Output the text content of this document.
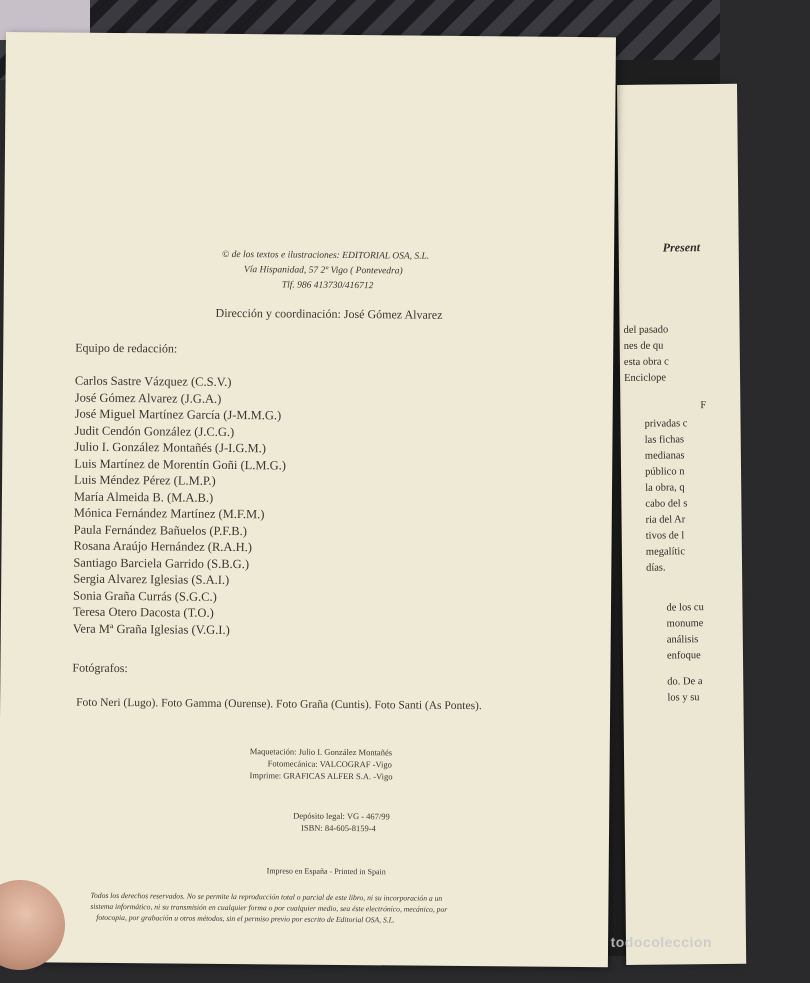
Present
R
del pasado
nes de qu
esta obra c
Enciclope
F
privadas c
las fichas
medianas
público n
la obra, q
cabo del s
ria del Ar
tivos de l
megalític
días.
de los cu
monume
análisis
enfoque
do. De a
los y su
© de los textos e ilustraciones: EDITORIAL OSA, S.L.
Vía Hispanidad, 57 2º Vigo ( Pontevedra)
Tlf. 986 413730/416712
Dirección y coordinación: José Gómez Alvarez
Equipo de redacción:
Carlos Sastre Vázquez (C.S.V.)
José Gómez Alvarez (J.G.A.)
José Miguel Martínez García (J-M.M.G.)
Judit Cendón González (J.C.G.)
Julio I. González Montañés (J-I.G.M.)
Luis Martínez de Morentín Goñi (L.M.G.)
Luis Méndez Pérez (L.M.P.)
María Almeida B. (M.A.B.)
Mónica Fernández Martínez (M.F.M.)
Paula Fernández Bañuelos (P.F.B.)
Rosana Araújo Hernández (R.A.H.)
Santiago Barciela Garrido (S.B.G.)
Sergia Alvarez Iglesias (S.A.I.)
Sonia Graña Currás (S.G.C.)
Teresa Otero Dacosta (T.O.)
Vera Mª Graña Iglesias (V.G.I.)
Fotógrafos:
Foto Neri (Lugo). Foto Gamma (Ourense). Foto Graña (Cuntis). Foto Santi (As Pontes).
Maquetación: Julio I. González Montañés
Fotomecánica: VALCOGRAF -Vigo
Imprime: GRAFICAS ALFER S.A. -Vigo
Depósito legal: VG - 467/99
ISBN: 84-605-8159-4
Impreso en España - Printed in Spain
Todos los derechos reservados. No se permite la reproducción total o parcial de este libro, ni su incorporación a un
sistema informático, ni su transmisión en cualquier forma o por cualquier medio, sea éste electrónico, mecánico, por
fotocopia, por grabación u otros métodos, sin el permiso previo por escrito de Editorial OSA, S.L.
todocoleccion
